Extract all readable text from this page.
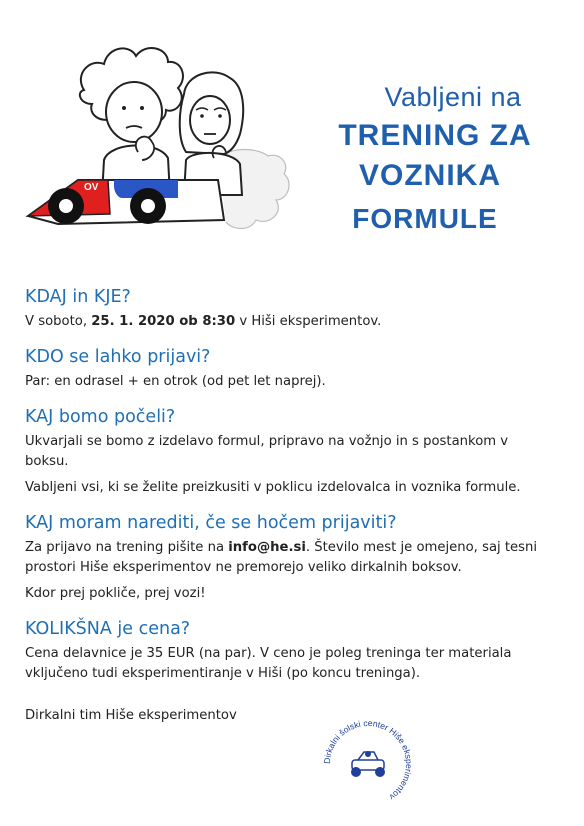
OV
Vabljeni na
TRENING ZA
VOZNIKA
FORMULE
KDAJ in KJE?

V soboto, 25. 1. 2020 ob 8:30 v Hiši eksperimentov.

KDO se lahko prijavi?

Par: en odrasel + en otrok (od pet let naprej).

KAJ bomo počeli?

Ukvarjali se bomo z izdelavo formul, pripravo na vožnjo in s postankom v boksu.

Vabljeni vsi, ki se želite preizkusiti v poklicu izdelovalca in voznika formule.

KAJ moram narediti, če se hočem prijaviti?

Za prijavo na trening pišite na info@he.si. Število mest je omejeno, saj tesni prostori Hiše eksperimentov ne premorejo veliko dirkalnih boksov.

Kdor prej pokliče, prej vozi!

KOLIKŠNA je cena?

Cena delavnice je 35 EUR (na par). V ceno je poleg treninga ter materiala vključeno tudi eksperimentiranje v Hiši (po koncu treninga).

Dirkalni tim Hiše eksperimentov
Dirkalni šolski center Hiše eksperimentov
